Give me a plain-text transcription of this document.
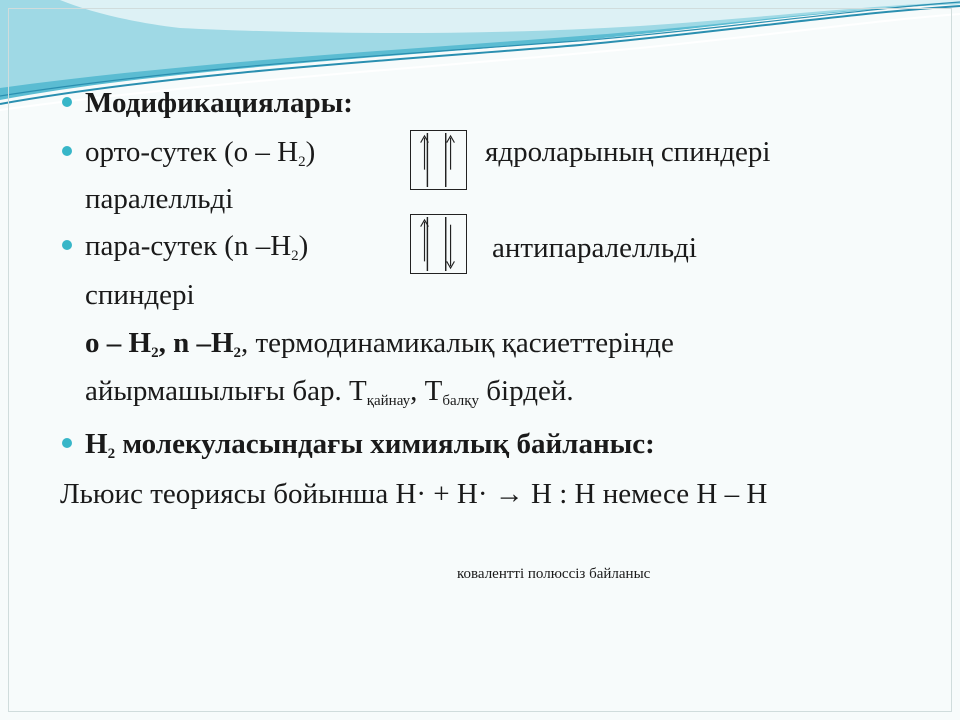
Модификациялары:
орто-сутек $(о - Н_2)$	ядроларының спиндері
паралелльді
пара-сутек (n $-Н_2$)	антипаралелльді
спиндері
о – $Н_2$, n $-Н_2$, термодинамикалық қасиеттерінде
айырмашылығы бар. $Т_{қайнау}$, $Т_{балқу}$ бірдей.
$Н_2$ молекуласындағы химиялық байланыс:
Льюис теориясы бойынша Н· + Н· → Н : Н немесе Н – Н
ковалентті полюссіз байланыс
